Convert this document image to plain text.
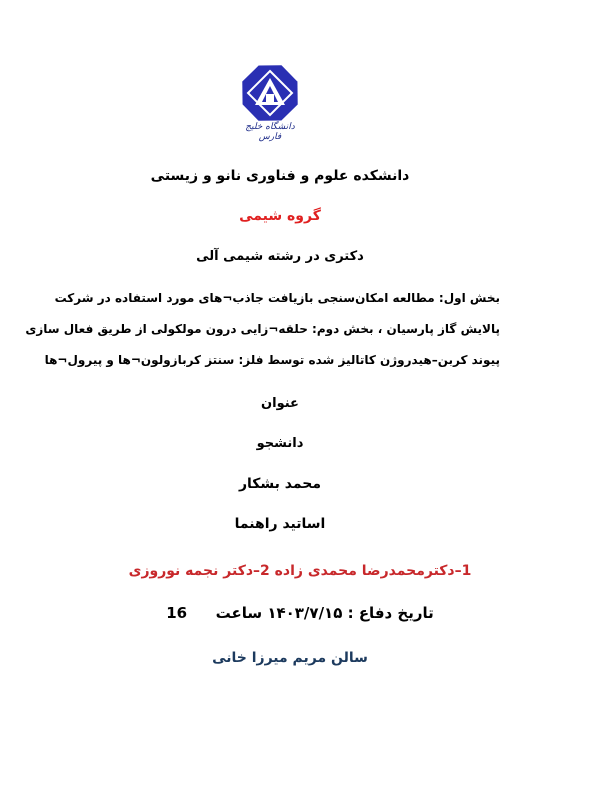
دانشگاه خلیج فارس
دانشکده علوم و فناوری نانو و زیستی
گروه شیمی
دکتری در رشته شیمی آلی
بخش اول: مطالعه امکان‌سنجی بازیافت جاذب¬های مورد استفاده در شرکت
پالایش گاز پارسیان ، بخش دوم: حلقه¬زایی درون مولکولی از طریق فعال سازی
پیوند کربن–هیدروژن کاتالیز شده توسط فلز: سنتز کربازولون¬ها و پیرول¬ها
عنوان
دانشجو
محمد بشکار
اساتید راهنما
1–دکترمحمدرضا محمدی زاده 2–دکتر نجمه نوروزی
تاریخ دفاع : ۱۴۰۳/۷/۱۵ ساعت  16
سالن مریم میرزا خانی
